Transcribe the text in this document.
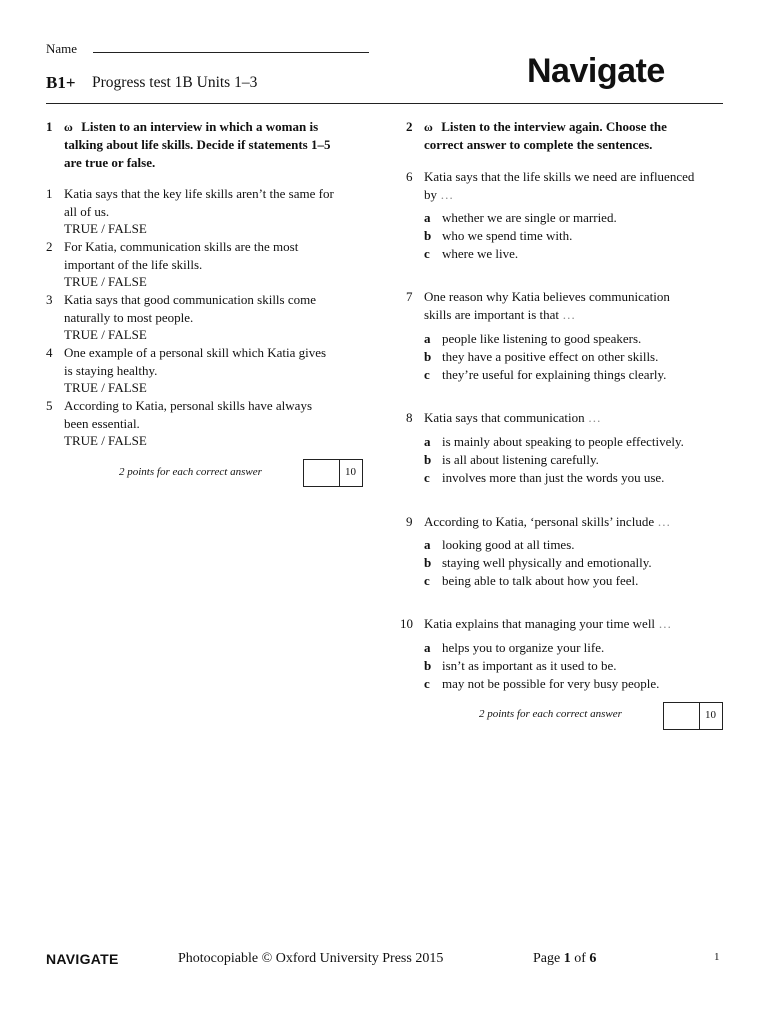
Name
B1+ Progress test 1B Units 1–3	Navigate
1 ω Listen to an interview in which a woman is
talking about life skills. Decide if statements 1–5
are true or false.
1 Katia says that the key life skills aren’t the same for
all of us.
TRUE / FALSE
2 For Katia, communication skills are the most
important of the life skills.
TRUE / FALSE
3 Katia says that good communication skills come
naturally to most people.
TRUE / FALSE
4 One example of a personal skill which Katia gives
is staying healthy.
TRUE / FALSE
5 According to Katia, personal skills have always
been essential.
TRUE / FALSE
2 points for each correct answer	10
2 ω Listen to the interview again. Choose the
correct answer to complete the sentences.
6 Katia says that the life skills we need are influenced
by …
a whether we are single or married.
b who we spend time with.
c where we live.
7 One reason why Katia believes communication
skills are important is that …
a people like listening to good speakers.
b they have a positive effect on other skills.
c they’re useful for explaining things clearly.
8 Katia says that communication …
a is mainly about speaking to people effectively.
b is all about listening carefully.
c involves more than just the words you use.
9 According to Katia, ‘personal skills’ include …
a looking good at all times.
b staying well physically and emotionally.
c being able to talk about how you feel.
10 Katia explains that managing your time well …
a helps you to organize your life.
b isn’t as important as it used to be.
c may not be possible for very busy people.
2 points for each correct answer	10
NAVIGATE	Photocopiable © Oxford University Press 2015	Page 1 of 6	1
